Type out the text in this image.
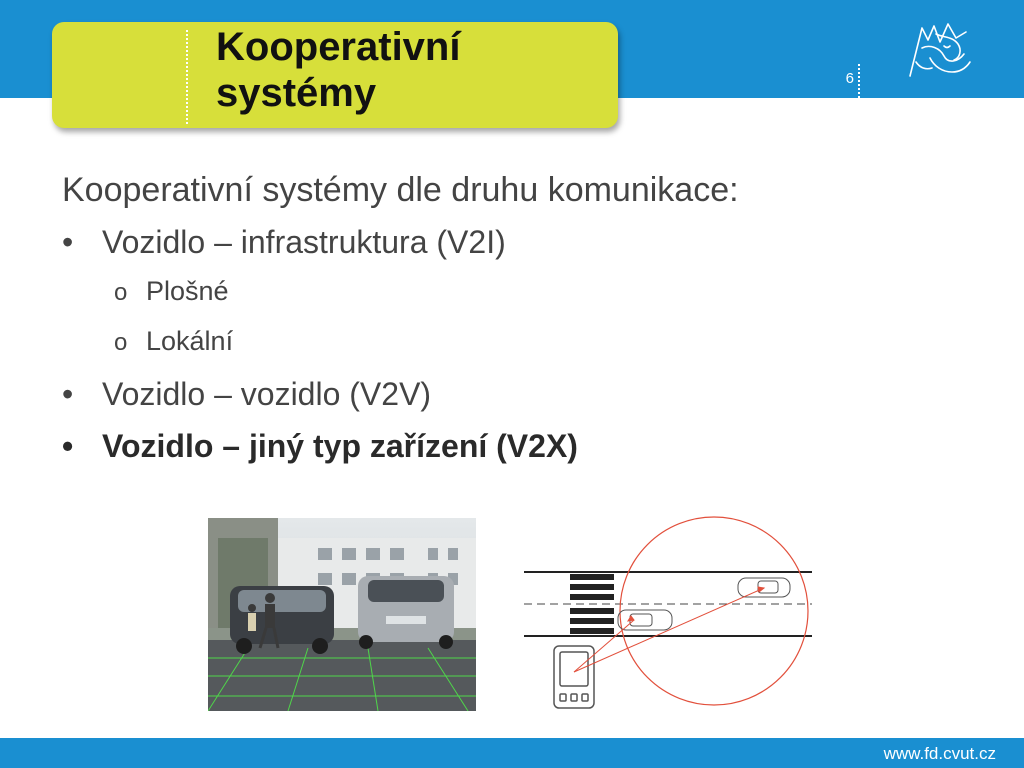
Kooperativní
systémy	6
Kooperativní systémy dle druhu komunikace:
• Vozidlo – infrastruktura (V2I)
o Plošné
o Lokální
• Vozidlo – vozidlo (V2V)
• Vozidlo – jiný typ zařízení (V2X)
www.fd.cvut.cz
